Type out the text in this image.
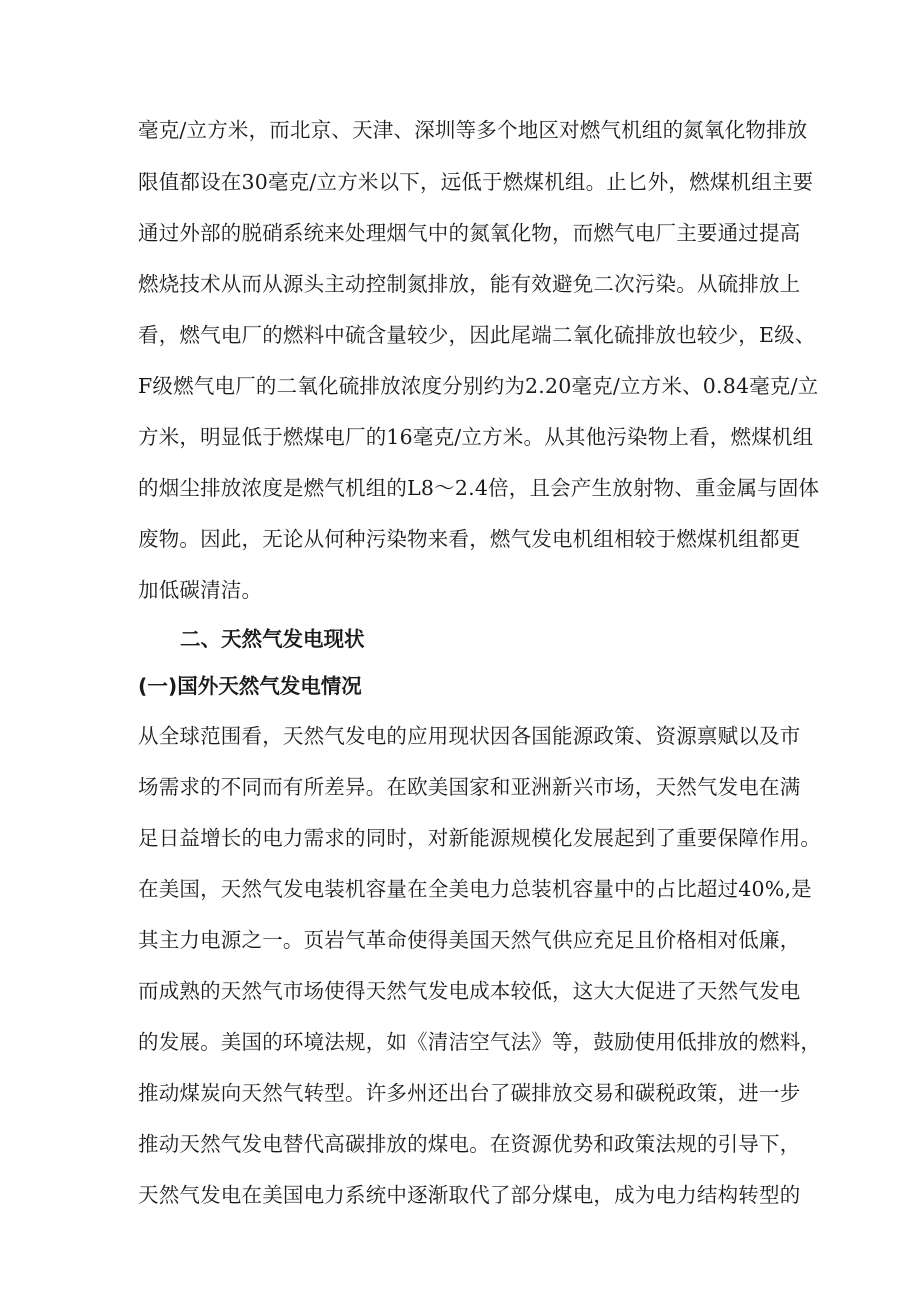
毫克/立方米，而北京、天津、深圳等多个地区对燃气机组的氮氧化物排放
限值都设在30毫克/立方米以下，远低于燃煤机组。止匕外，燃煤机组主要
通过外部的脱硝系统来处理烟气中的氮氧化物，而燃气电厂主要通过提高
燃烧技术从而从源头主动控制氮排放，能有效避免二次污染。从硫排放上
看，燃气电厂的燃料中硫含量较少，因此尾端二氧化硫排放也较少，E级、
F级燃气电厂的二氧化硫排放浓度分别约为2.20毫克/立方米、0.84毫克/立
方米，明显低于燃煤电厂的16毫克/立方米。从其他污染物上看，燃煤机组
的烟尘排放浓度是燃气机组的L8〜2.4倍，且会产生放射物、重金属与固体
废物。因此，无论从何种污染物来看，燃气发电机组相较于燃煤机组都更
加低碳清洁。
二、天然气发电现状
(一)国外天然气发电情况
从全球范围看，天然气发电的应用现状因各国能源政策、资源禀赋以及市
场需求的不同而有所差异。在欧美国家和亚洲新兴市场，天然气发电在满
足日益增长的电力需求的同时，对新能源规模化发展起到了重要保障作用。
在美国，天然气发电装机容量在全美电力总装机容量中的占比超过40%,是
其主力电源之一。页岩气革命使得美国天然气供应充足且价格相对低廉，
而成熟的天然气市场使得天然气发电成本较低，这大大促进了天然气发电
的发展。美国的环境法规，如《清洁空气法》等，鼓励使用低排放的燃料，
推动煤炭向天然气转型。许多州还出台了碳排放交易和碳税政策，进一步
推动天然气发电替代高碳排放的煤电。在资源优势和政策法规的引导下，
天然气发电在美国电力系统中逐渐取代了部分煤电，成为电力结构转型的
